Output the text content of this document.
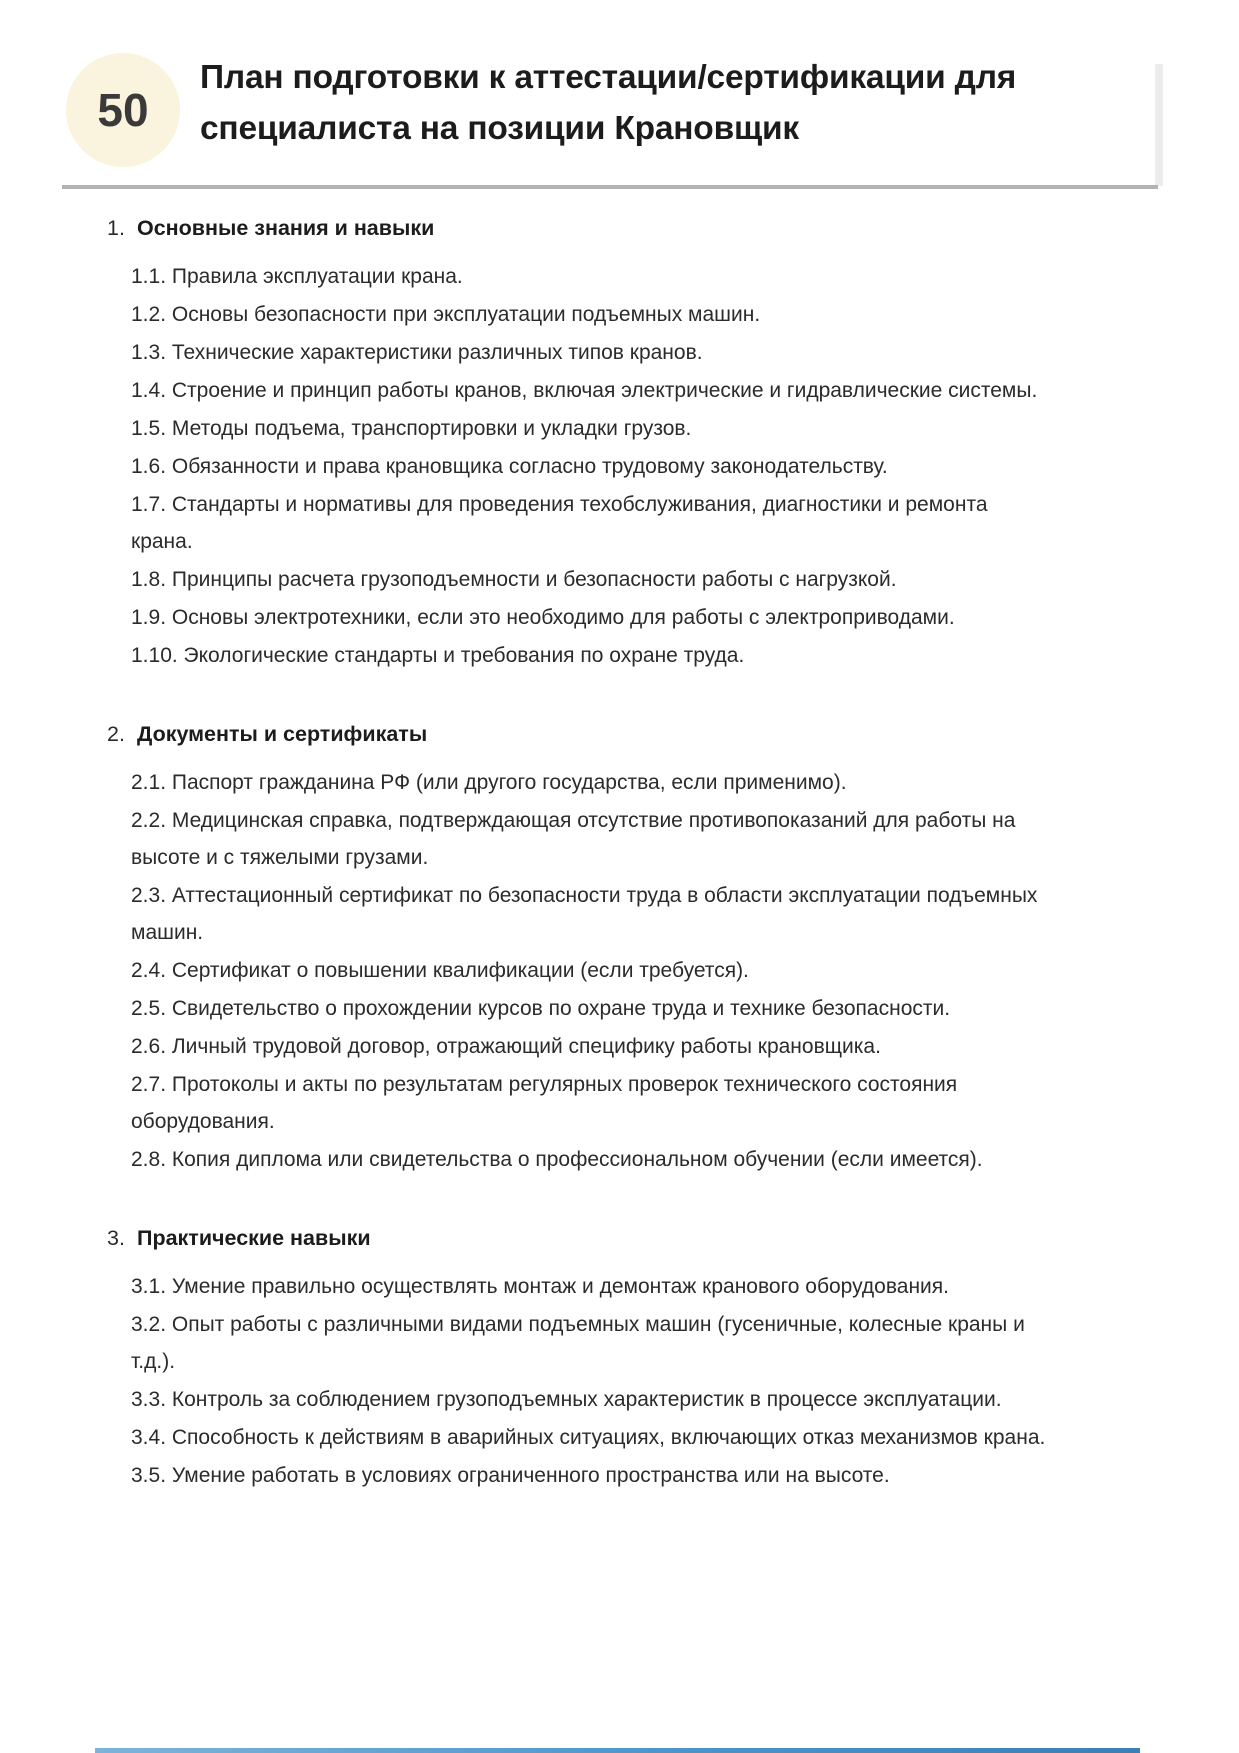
50
План подготовки к аттестации/сертификации для специалиста на позиции Крановщик

1. Основные знания и навыки

1.1. Правила эксплуатации крана.

1.2. Основы безопасности при эксплуатации подъемных машин.

1.3. Технические характеристики различных типов кранов.

1.4. Строение и принцип работы кранов, включая электрические и гидравлические системы.

1.5. Методы подъема, транспортировки и укладки грузов.

1.6. Обязанности и права крановщика согласно трудовому законодательству.

1.7. Стандарты и нормативы для проведения техобслуживания, диагностики и ремонта крана.

1.8. Принципы расчета грузоподъемности и безопасности работы с нагрузкой.

1.9. Основы электротехники, если это необходимо для работы с электроприводами.

1.10. Экологические стандарты и требования по охране труда.

2. Документы и сертификаты

2.1. Паспорт гражданина РФ (или другого государства, если применимо).

2.2. Медицинская справка, подтверждающая отсутствие противопоказаний для работы на высоте и с тяжелыми грузами.

2.3. Аттестационный сертификат по безопасности труда в области эксплуатации подъемных машин.

2.4. Сертификат о повышении квалификации (если требуется).

2.5. Свидетельство о прохождении курсов по охране труда и технике безопасности.

2.6. Личный трудовой договор, отражающий специфику работы крановщика.

2.7. Протоколы и акты по результатам регулярных проверок технического состояния оборудования.

2.8. Копия диплома или свидетельства о профессиональном обучении (если имеется).

3. Практические навыки

3.1. Умение правильно осуществлять монтаж и демонтаж кранового оборудования.

3.2. Опыт работы с различными видами подъемных машин (гусеничные, колесные краны и т.д.).

3.3. Контроль за соблюдением грузоподъемных характеристик в процессе эксплуатации.

3.4. Способность к действиям в аварийных ситуациях, включающих отказ механизмов крана.

3.5. Умение работать в условиях ограниченного пространства или на высоте.
